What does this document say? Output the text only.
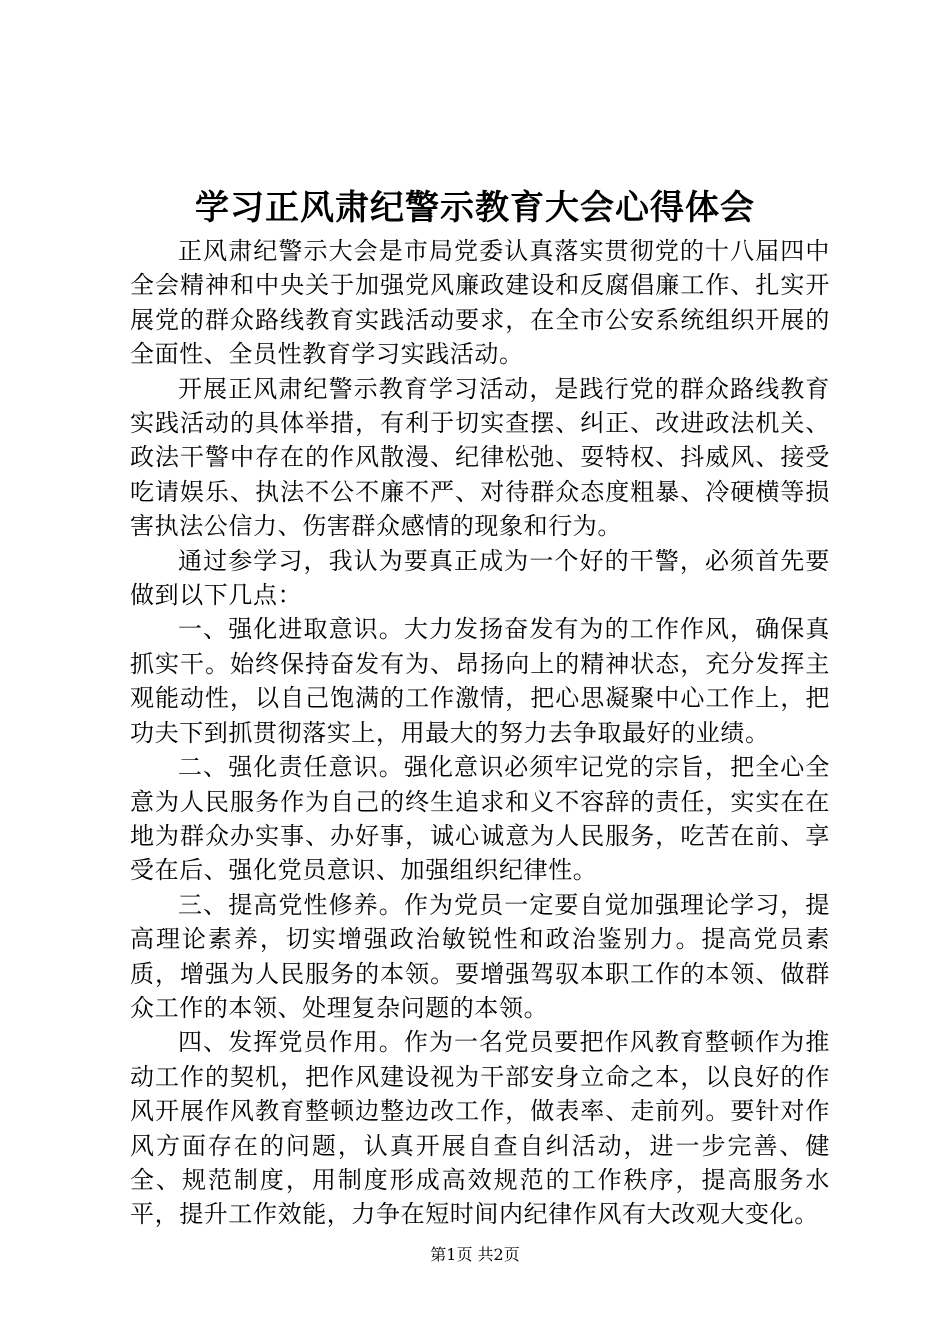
学习正风肃纪警示教育大会心得体会

正风肃纪警示大会是市局党委认真落实贯彻党的十八届四中全会精神和中央关于加强党风廉政建设和反腐倡廉工作、扎实开展党的群众路线教育实践活动要求，在全市公安系统组织开展的全面性、全员性教育学习实践活动。

开展正风肃纪警示教育学习活动，是践行党的群众路线教育实践活动的具体举措，有利于切实查摆、纠正、改进政法机关、政法干警中存在的作风散漫、纪律松弛、耍特权、抖威风、接受吃请娱乐、执法不公不廉不严、对待群众态度粗暴、冷硬横等损害执法公信力、伤害群众感情的现象和行为。

通过参学习，我认为要真正成为一个好的干警，必须首先要做到以下几点：

一、强化进取意识。大力发扬奋发有为的工作作风，确保真抓实干。始终保持奋发有为、昂扬向上的精神状态，充分发挥主观能动性，以自己饱满的工作激情，把心思凝聚中心工作上，把功夫下到抓贯彻落实上，用最大的努力去争取最好的业绩。

二、强化责任意识。强化意识必须牢记党的宗旨，把全心全意为人民服务作为自己的终生追求和义不容辞的责任，实实在在地为群众办实事、办好事，诚心诚意为人民服务，吃苦在前、享受在后、强化党员意识、加强组织纪律性。

三、提高党性修养。作为党员一定要自觉加强理论学习，提高理论素养，切实增强政治敏锐性和政治鉴别力。提高党员素质，增强为人民服务的本领。要增强驾驭本职工作的本领、做群众工作的本领、处理复杂问题的本领。

四、发挥党员作用。作为一名党员要把作风教育整顿作为推动工作的契机，把作风建设视为干部安身立命之本，以良好的作风开展作风教育整顿边整边改工作，做表率、走前列。要针对作风方面存在的问题，认真开展自查自纠活动，进一步完善、健全、规范制度，用制度形成高效规范的工作秩序，提高服务水平，提升工作效能，力争在短时间内纪律作风有大改观大变化。

第1页 共2页
